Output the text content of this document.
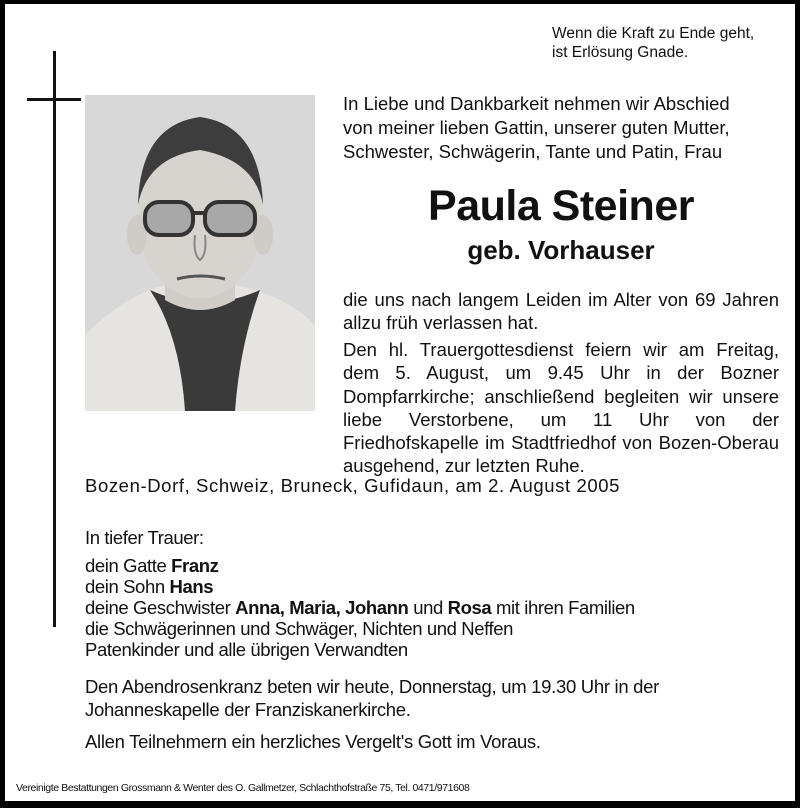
Wenn die Kraft zu Ende geht,
ist Erlösung Gnade.
In Liebe und Dankbarkeit nehmen wir Abschied
von meiner lieben Gattin, unserer guten Mutter,
Schwester, Schwägerin, Tante und Patin, Frau
Paula Steiner
geb. Vorhauser
die uns nach langem Leiden im Alter von 69 Jahren allzu früh verlassen hat.
Den hl. Trauergottesdienst feiern wir am Freitag, dem 5. August, um 9.45 Uhr in der Bozner Dompfarrkirche; anschließend begleiten wir unsere liebe Verstorbene, um 11 Uhr von der Friedhofskapelle im Stadtfriedhof von Bozen-Oberau ausgehend, zur letzten Ruhe.
Bozen-Dorf, Schweiz, Bruneck, Gufidaun, am 2. August 2005
In tiefer Trauer:
dein Gatte Franz
dein Sohn Hans
deine Geschwister Anna, Maria, Johann und Rosa mit ihren Familien
die Schwägerinnen und Schwäger, Nichten und Neffen
Patenkinder und alle übrigen Verwandten
Den Abendrosenkranz beten wir heute, Donnerstag, um 19.30 Uhr in der Johanneskapelle der Franziskanerkirche.
Allen Teilnehmern ein herzliches Vergelt's Gott im Voraus.
Vereinigte Bestattungen Grossmann & Wenter des O. Gallmetzer, Schlachthofstraße 75, Tel. 0471/971608
